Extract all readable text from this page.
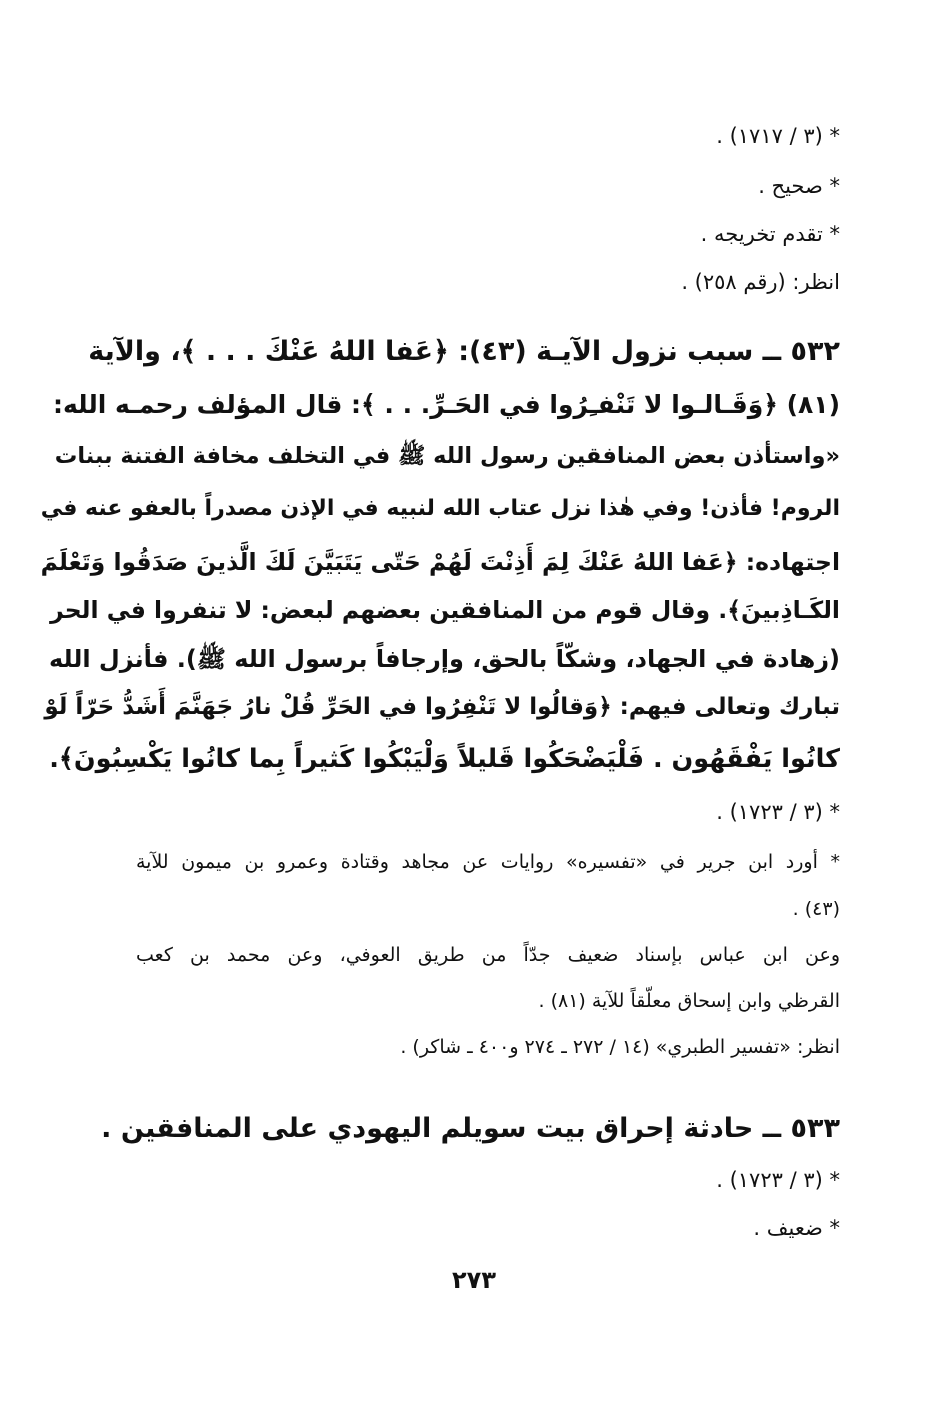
* (٣ / ١٧١٧) .
* صحيح .
* تقدم تخريجه .
انظر: (رقم ٢٥٨) .
٥٣٢ ــ سبب نزول الآيـة (٤٣): ﴿عَفا اللهُ عَنْكَ . . . ﴾، والآية
(٨١) ﴿وَقَـالـوا لا تَنْفـِرُوا في الحَـرِّ. . . ﴾: قال المؤلف رحمـه الله:
«واستأذن بعض المنافقين رسول الله ﷺ في التخلف مخافة الفتنة ببنات
الروم! فأذن! وفي هٰذا نزل عتاب الله لنبيه في الإذن مصدراً بالعفو عنه في
اجتهاده: ﴿عَفا اللهُ عَنْكَ لِمَ أَذِنْتَ لَهُمْ حَتّى يَتَبَيَّنَ لَكَ الَّذينَ صَدَقُوا وَتَعْلَمَ
الكَـاذِبينَ﴾. وقال قوم من المنافقين بعضهم لبعض: لا تنفروا في الحر
(زهادة في الجهاد، وشكّاً بالحق، وإرجافاً برسول الله ﷺ). فأنزل الله
تبارك وتعالى فيهم: ﴿وَقالُوا لا تَنْفِرُوا في الحَرِّ قُلْ نارُ جَهَنَّمَ أَشَدُّ حَرّاً لَوْ
كانُوا يَفْقَهُون . فَلْيَضْحَكُوا قَليلاً وَلْيَبْكُوا كَثيراً بِما كانُوا يَكْسِبُونَ﴾.
* (٣ / ١٧٢٣) .
* أورد ابن جرير في «تفسيره» روايات عن مجاهد وقتادة وعمرو بن ميمون للآية
(٤٣) .
وعن ابن عباس بإسناد ضعيف جدّاً من طريق العوفي، وعن محمد بن كعب
القرظي وابن إسحاق معلّقاً للآية (٨١) .
انظر: «تفسير الطبري» (١٤ / ٢٧٢ ـ ٢٧٤ و٤٠٠ ـ شاكر) .
٥٣٣ ــ حادثة إحراق بيت سويلم اليهودي على المنافقين .
* (٣ / ١٧٢٣) .
* ضعيف .
٢٧٣
